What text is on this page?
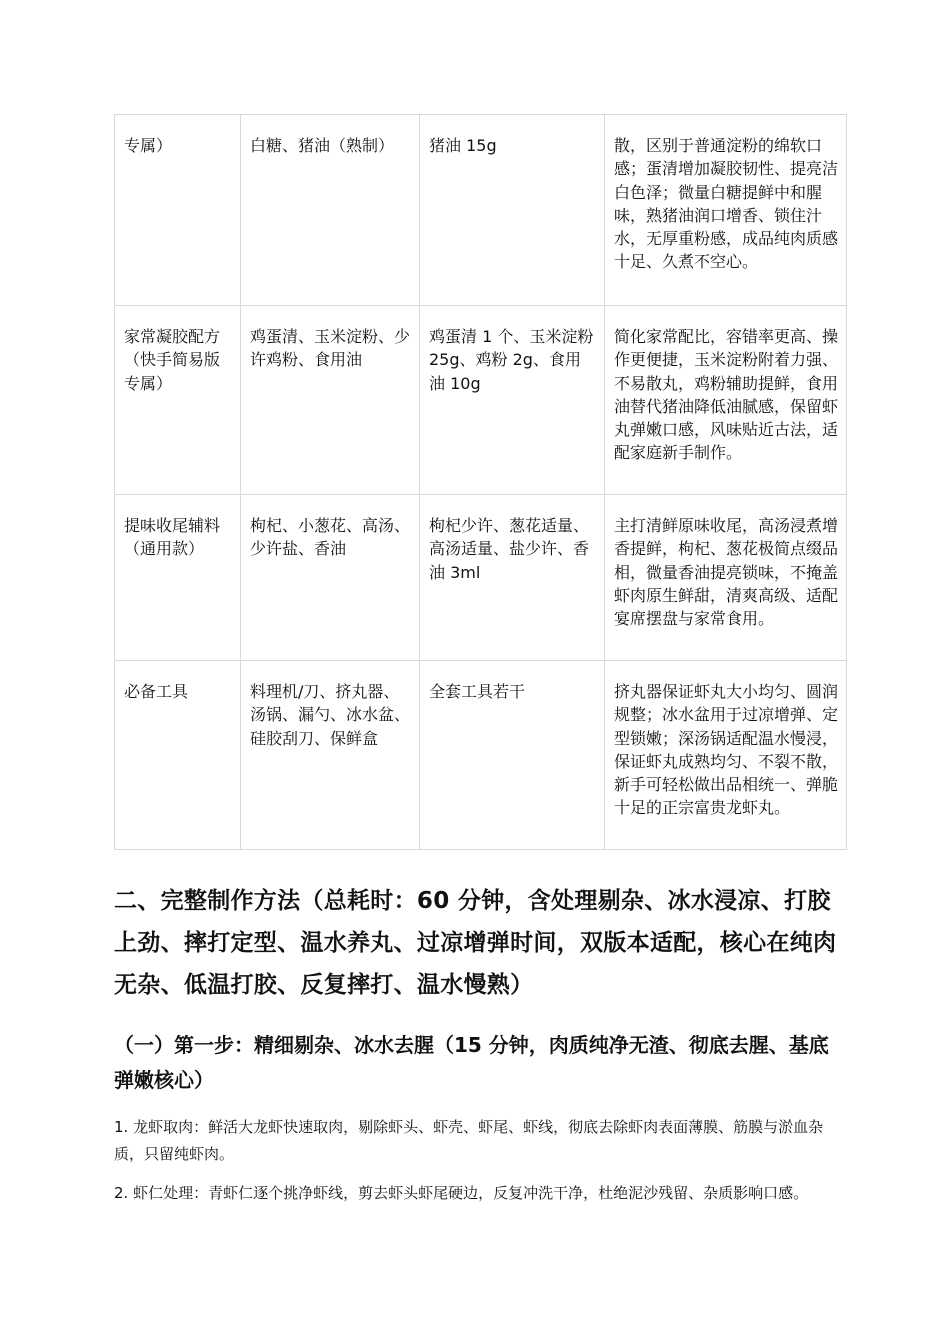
专属）	白糖、猪油（熟制）	猪油 15g	散，区别于普通淀粉的绵软口感；蛋清增加凝胶韧性、提亮洁白色泽；微量白糖提鲜中和腥味，熟猪油润口增香、锁住汁水，无厚重粉感，成品纯肉质感十足、久煮不空心。
家常凝胶配方（快手简易版专属）	鸡蛋清、玉米淀粉、少许鸡粉、食用油	鸡蛋清 1 个、玉米淀粉 25g、鸡粉 2g、食用油 10g	简化家常配比，容错率更高、操作更便捷，玉米淀粉附着力强、不易散丸，鸡粉辅助提鲜，食用油替代猪油降低油腻感，保留虾丸弹嫩口感，风味贴近古法，适配家庭新手制作。
提味收尾辅料（通用款）	枸杞、小葱花、高汤、少许盐、香油	枸杞少许、葱花适量、高汤适量、盐少许、香油 3ml	主打清鲜原味收尾，高汤浸煮增香提鲜，枸杞、葱花极简点缀品相，微量香油提亮锁味，不掩盖虾肉原生鲜甜，清爽高级、适配宴席摆盘与家常食用。
必备工具	料理机/刀、挤丸器、汤锅、漏勺、冰水盆、硅胶刮刀、保鲜盒	全套工具若干	挤丸器保证虾丸大小均匀、圆润规整；冰水盆用于过凉增弹、定型锁嫩；深汤锅适配温水慢浸，保证虾丸成熟均匀、不裂不散，新手可轻松做出品相统一、弹脆十足的正宗富贵龙虾丸。
二、完整制作方法（总耗时：60 分钟，含处理剔杂、冰水浸凉、打胶上劲、摔打定型、温水养丸、过凉增弹时间，双版本适配，核心在纯肉无杂、低温打胶、反复摔打、温水慢熟）
（一）第一步：精细剔杂、冰水去腥（15 分钟，肉质纯净无渣、彻底去腥、基底弹嫩核心）

1. 龙虾取肉：鲜活大龙虾快速取肉，剔除虾头、虾壳、虾尾、虾线，彻底去除虾肉表面薄膜、筋膜与淤血杂质，只留纯虾肉。

2. 虾仁处理：青虾仁逐个挑净虾线，剪去虾头虾尾硬边，反复冲洗干净，杜绝泥沙残留、杂质影响口感。
